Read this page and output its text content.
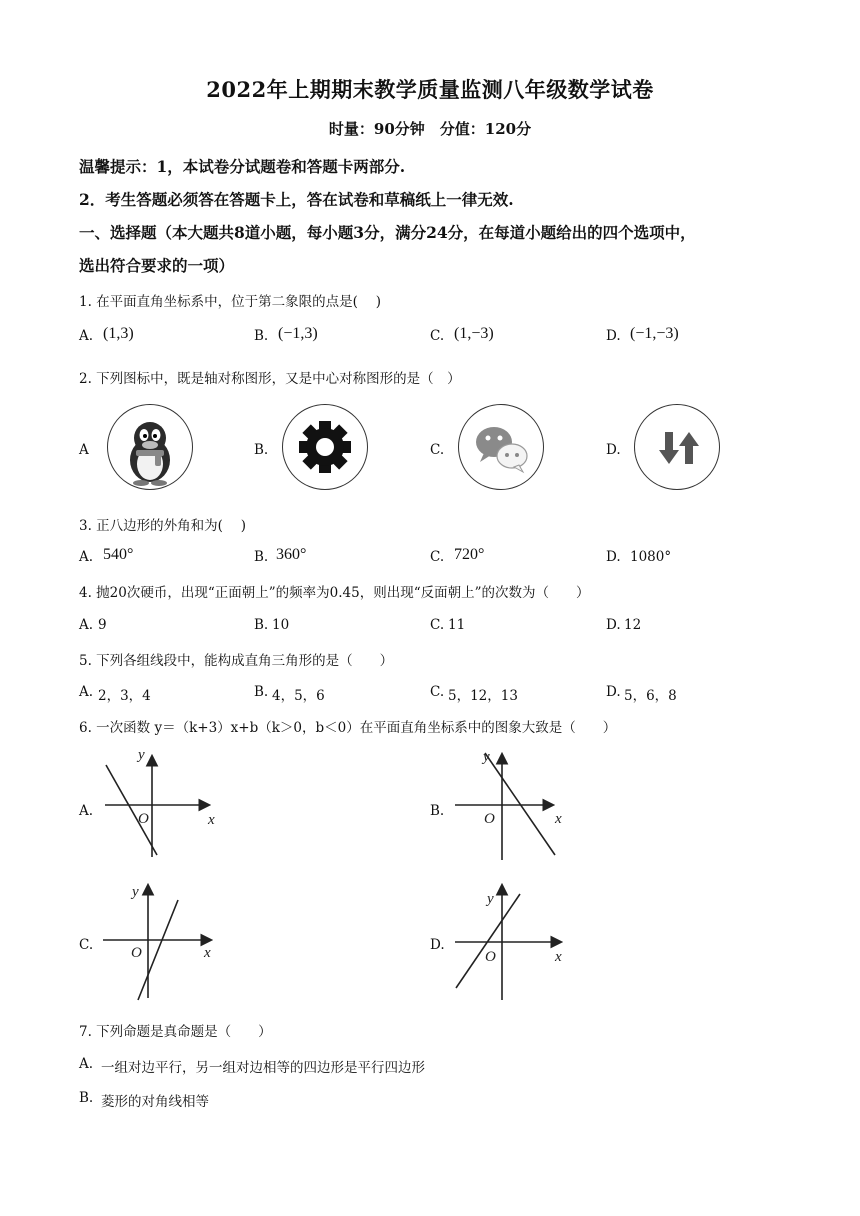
2022年上期期末教学质量监测八年级数学试卷
时量：90分钟　分值：120分
温馨提示：1，本试卷分试题卷和答题卡两部分.
2．考生答题必须答在答题卡上，答在试卷和草稿纸上一律无效.
一、选择题（本大题共8道小题，每小题3分，满分24分，在每道小题给出的四个选项中，
选出符合要求的一项）
1. 在平面直角坐标系中，位于第二象限的点是(　 )
A. (1,3)	B. (−1,3)	C. (1,−3)	D. (−1,−3)
2. 下列图标中，既是轴对称图形，又是中心对称图形的是（　）
A	B.	C.	D.
3. 正八边形的外角和为(　 )
A. 540°	B. 360°	C. 720°	D. 1080°
4. 抛20次硬币，出现“正面朝上”的频率为0.45，则出现“反面朝上”的次数为（　　）
A. 9	B. 10	C. 11	D. 12
5. 下列各组线段中，能构成直角三角形的是（　　）
A. 2，3，4	B. 4，5，6	C. 5，12，13	D. 5，6，8
6. 一次函数 y＝（k+3）x+b（k＞0，b＜0）在平面直角坐标系中的图象大致是（　　）
A.
y
x
O	B.
y
x
O
C.
y
x
O	D.
y
x
O
7. 下列命题是真命题是（　　）
A. 一组对边平行，另一组对边相等的四边形是平行四边形
B. 菱形的对角线相等
